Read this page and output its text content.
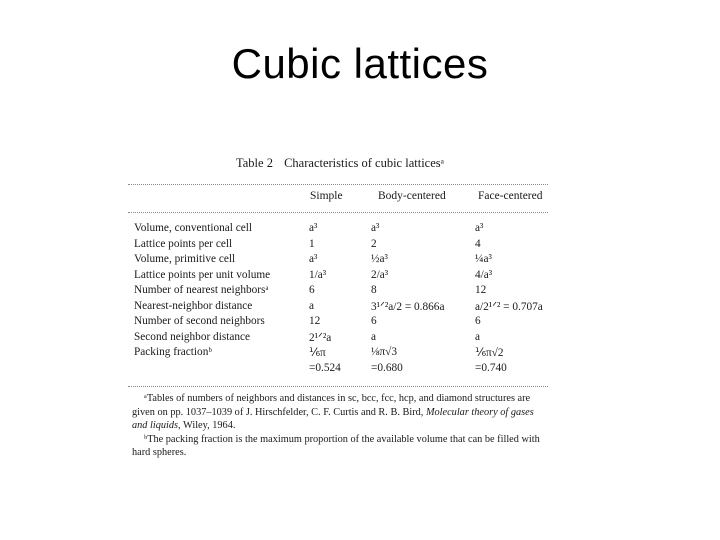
Cubic lattices
Table 2 Characteristics of cubic latticesᵃ
Simple	Body-centered	Face-centered
Volume, conventional cell	a³	a³	a³
Lattice points per cell	1	2	4
Volume, primitive cell	a³	½a³	¼a³
Lattice points per unit volume	1/a³	2/a³	4/a³
Number of nearest neighborsᵃ	6	8	12
Nearest-neighbor distance	a	3¹ᐟ²a/2 = 0.866a	a/2¹ᐟ² = 0.707a
Number of second neighbors	12	6	6
Second neighbor distance	2¹ᐟ²a	a	a
Packing fractionᵇ	⅙π	⅛π√3	⅙π√2
=0.524	=0.680	=0.740

ᵃTables of numbers of neighbors and distances in sc, bcc, fcc, hcp, and diamond structures are given on pp. 1037–1039 of J. Hirschfelder, C. F. Curtis and R. B. Bird, Molecular theory of gases and liquids, Wiley, 1964.

ᵇThe packing fraction is the maximum proportion of the available volume that can be filled with hard spheres.
